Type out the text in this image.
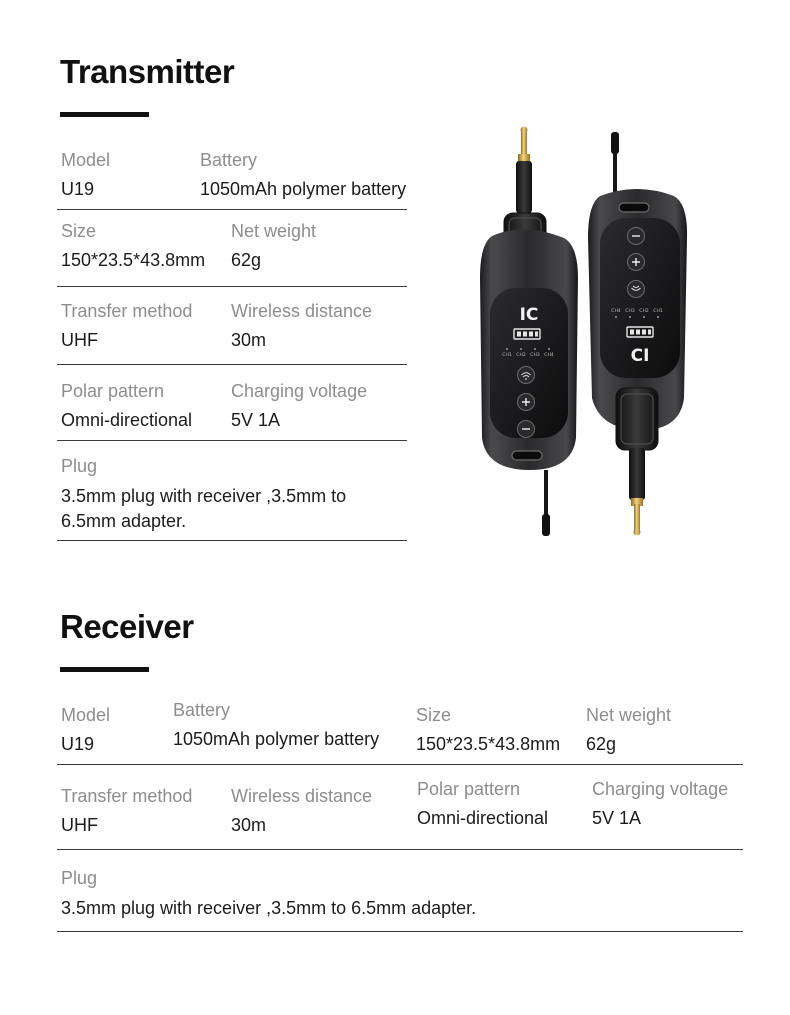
Transmitter
Model
U19
Battery
1050mAh polymer battery
Size
150*23.5*43.8mm
Net weight
62g
Transfer method
UHF
Wireless distance
30m
Polar pattern
Omni-directional
Charging voltage
5V 1A
Plug
3.5mm plug with receiver ,3.5mm to 6.5mm adapter.
IC
CH1 CH2 CH3 CH4
CH4 CH3 CH2 CH1
CI
Receiver
Model
U19
Battery
1050mAh polymer battery
Size
150*23.5*43.8mm
Net weight
62g
Transfer method
UHF
Wireless distance
30m
Polar pattern
Omni-directional
Charging voltage
5V 1A
Plug
3.5mm plug with receiver ,3.5mm to 6.5mm adapter.
